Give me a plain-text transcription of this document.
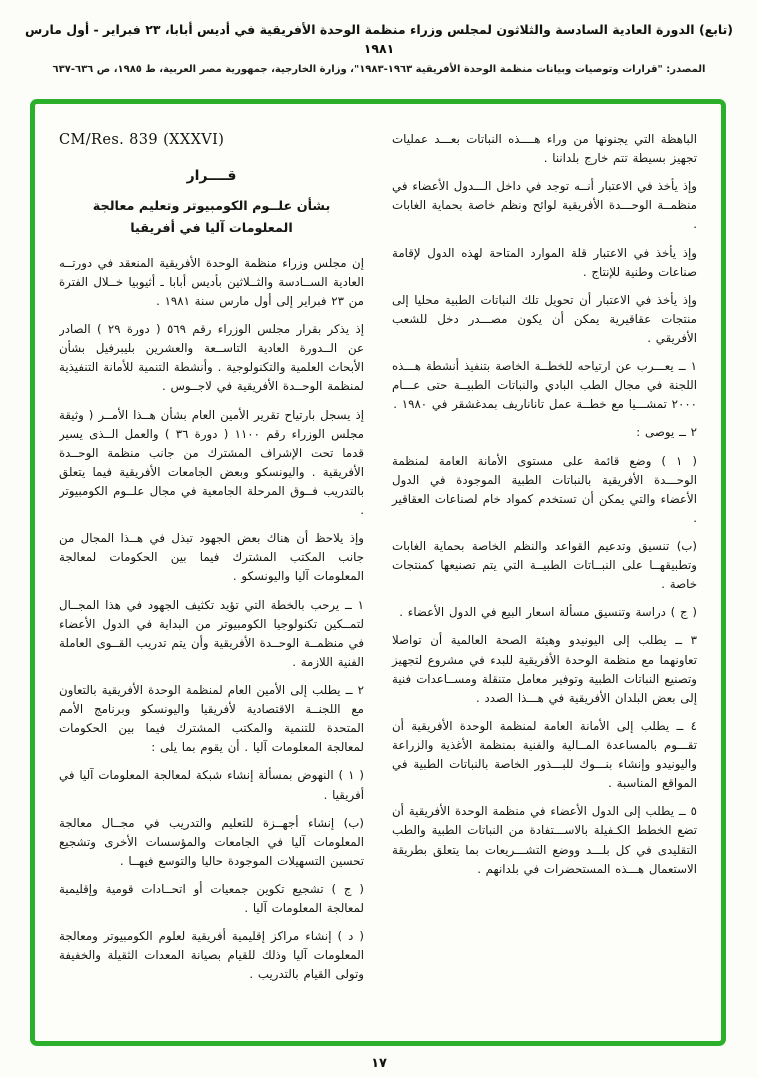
(تابع) الدورة العادية السادسة والثلاثون لمجلس وزراء منظمة الوحدة الأفريقية في أديس أبابا، ٢٣ فبراير - أول مارس ١٩٨١
المصدر: "قرارات وتوصيات وبيانات منظمة الوحدة الأفريقية ١٩٦٣-١٩٨٣"، وزارة الخارجية، جمهورية مصر العربية، ط ١٩٨٥، ص ٦٣٦-٦٣٧

الباهظة التي يجنونها من وراء هــــذه النباتات بعـــد عمليات تجهيز بسيطة تتم خارج بلداننا .

وإذ يأخذ في الاعتبار أنــه توجد في داخل الـــدول الأعضاء في منظمــة الوحـــدة الأفريقية لوائح ونظم خاصة بحماية الغابات .

وإذ يأخذ في الاعتبار قلة الموارد المتاحة لهذه الدول لإقامة صناعات وطنية للإنتاج .

وإذ يأخذ في الاعتبار أن تحويل تلك النباتات الطبية محليا إلى منتجات عقاقيرية يمكن أن يكون مصـــدر دخل للشعب الأفريقي .

١ ــ يعـــرب عن ارتياحه للخطــة الخاصة بتنفيذ أنشطة هـــذه اللجنة في مجال الطب البادي والنباتات الطبيــة حتى عـــام ٢٠٠٠ تمشـــيا مع خطــة عمل تاناناريف بمدغشقر في ١٩٨٠ .

٢ ــ يوصى :

( ١ ) وضع قائمة على مستوى الأمانة العامة لمنظمة الوحـــدة الأفريقية بالنباتات الطبية الموجودة في الدول الأعضاء والتي يمكن أن تستخدم كمواد خام لصناعات العقاقير .

(ب) تنسيق وتدعيم القواعد والنظم الخاصة بحماية الغابات وتطبيقهــا على النبــاتات الطبيــة التي يتم تصنيعها كمنتجات خاصة .

( ج ) دراسة وتنسيق مسألة اسعار البيع في الدول الأعضاء .

٣ ــ يطلب إلى اليونيدو وهيئة الصحة العالمية أن تواصلا تعاونهما مع منظمة الوحدة الأفريقية للبدء في مشروع لتجهيز وتصنيع النباتات الطبية وتوفير معامل متنقلة ومســاعدات فنية إلى بعض البلدان الأفريقية في هـــذا الصدد .

٤ ــ يطلب إلى الأمانة العامة لمنظمة الوحدة الأفريقية أن تقـــوم بالمساعدة المــالية والفنية بمنظمة الأغذية والزراعة واليونيدو وإنشاء بنـــوك للبـــذور الخاصة بالنباتات الطبية في المواقع المناسبة .

٥ ــ يطلب إلى الدول الأعضاء في منظمة الوحدة الأفريقية أن تضع الخطط الكـفيلة بالاســـتفادة من النباتات الطبية والطب التقليدى في كل بلـــد ووضع التشـــريعات بما يتعلق بطريقة الاستعمال هـــذه المستحضرات في بلدانهم .

CM/Res. 839 (XXXVI)
قــــرار
بشأن علــوم الكومبيوتر وتعليم معالجة المعلومات آليا في أفريقيا

إن مجلس وزراء منظمة الوحدة الأفريقية المنعقد في دورتــه العادية الســادسة والثــلاثين بأديس أبابا ـ أثيوبيا خــلال الفترة من ٢٣ فبراير إلى أول مارس سنة ١٩٨١ .

إذ يذكر بقرار مجلس الوزراء رقم ٥٦٩ ( دورة ٢٩ ) الصادر عن الــدورة العادية التاســعة والعشرين بليبرفيل بشأن الأبحاث العلمية والتكنولوجية . وأنشطة التنمية للأمانة التنفيذية لمنظمة الوحــدة الأفريقية في لاجــوس .

إذ يسجل بارتياح تقرير الأمين العام بشأن هــذا الأمــر ( وثيقة مجلس الوزراء رقم ١١٠٠ ( دورة ٣٦ ) والعمل الــذى يسير قدما تحت الإشراف المشترك من جانب منظمة الوحــدة الأفريقية . واليونسكو وبعض الجامعات الأفريقية فيما يتعلق بالتدريب فــوق المرحلة الجامعية في مجال علــوم الكومبيوتر .

وإذ يلاحظ أن هناك بعض الجهود تبذل في هــذا المجال من جانب المكتب المشترك فيما بين الحكومات لمعالجة المعلومات آليا واليونسكو .

١ ــ يرحب بالخطة التي تؤيد تكثيف الجهود في هذا المجــال لتمــكين تكنولوجيا الكومبيوتر من البداية في الدول الأعضاء في منظمــة الوحــدة الأفريقية وأن يتم تدريب القــوى العاملة الفنية اللازمة .

٢ ــ يطلب إلى الأمين العام لمنظمة الوحدة الأفريقية بالتعاون مع اللجنــة الاقتصادية لأفريقيا واليونسكو وبرنامج الأمم المتحدة للتنمية والمكتب المشترك فيما بين الحكومات لمعالجة المعلومات آليا . أن يقوم بما يلى :

( ١ ) النهوض بمسألة إنشاء شبكة لمعالجة المعلومات آليا في أفريقيا .

(ب) إنشاء أجهــزة للتعليم والتدريب في مجــال معالجة المعلومات آليا في الجامعات والمؤسسات الأخرى وتشجيع تحسين التسهيلات الموجودة حاليا والتوسع فيهــا .

( ج ) تشجيع تكوين جمعيات أو اتحــادات قومية وإقليمية لمعالجة المعلومات آليا .

( د ) إنشاء مراكز إقليمية أفريقية لعلوم الكومبيوتر ومعالجة المعلومات آليا وذلك للقيام بصيانة المعدات الثقيلة والخفيفة وتولى القيام بالتدريب .

١٧
